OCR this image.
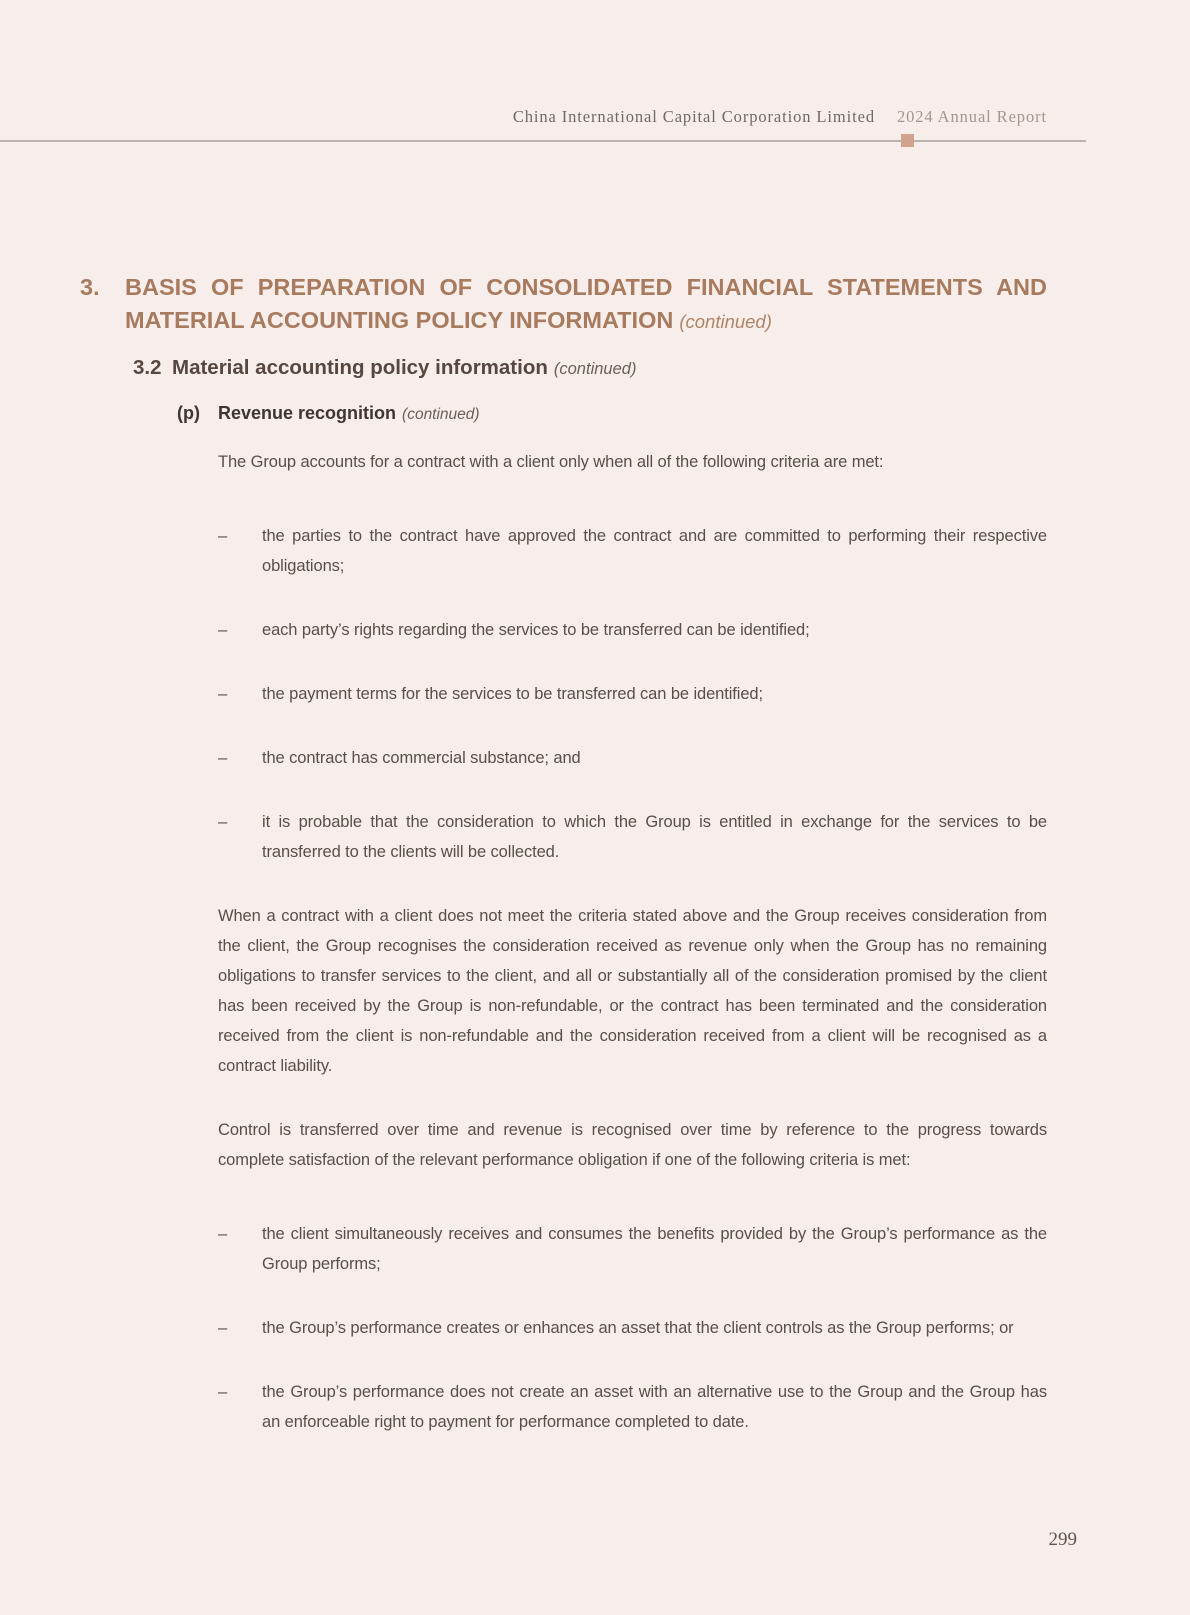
China International Capital Corporation Limited 2024 Annual Report
3.	BASIS OF PREPARATION OF CONSOLIDATED FINANCIAL STATEMENTS AND
MATERIAL ACCOUNTING POLICY INFORMATION (continued)
3.2 Material accounting policy information (continued)
(p)	Revenue recognition (continued)

The Group accounts for a contract with a client only when all of the following criteria are met:

–	the parties to the contract have approved the contract and are committed to performing their respective obligations;
–	each party’s rights regarding the services to be transferred can be identified;
–	the payment terms for the services to be transferred can be identified;
–	the contract has commercial substance; and
–	it is probable that the consideration to which the Group is entitled in exchange for the services to be transferred to the clients will be collected.

When a contract with a client does not meet the criteria stated above and the Group receives consideration from the client, the Group recognises the consideration received as revenue only when the Group has no remaining obligations to transfer services to the client, and all or substantially all of the consideration promised by the client has been received by the Group is non-refundable, or the contract has been terminated and the consideration received from the client is non-refundable and the consideration received from a client will be recognised as a contract liability.

Control is transferred over time and revenue is recognised over time by reference to the progress towards complete satisfaction of the relevant performance obligation if one of the following criteria is met:

–	the client simultaneously receives and consumes the benefits provided by the Group’s performance as the Group performs;
–	the Group’s performance creates or enhances an asset that the client controls as the Group performs; or
–	the Group’s performance does not create an asset with an alternative use to the Group and the Group has an enforceable right to payment for performance completed to date.
299
